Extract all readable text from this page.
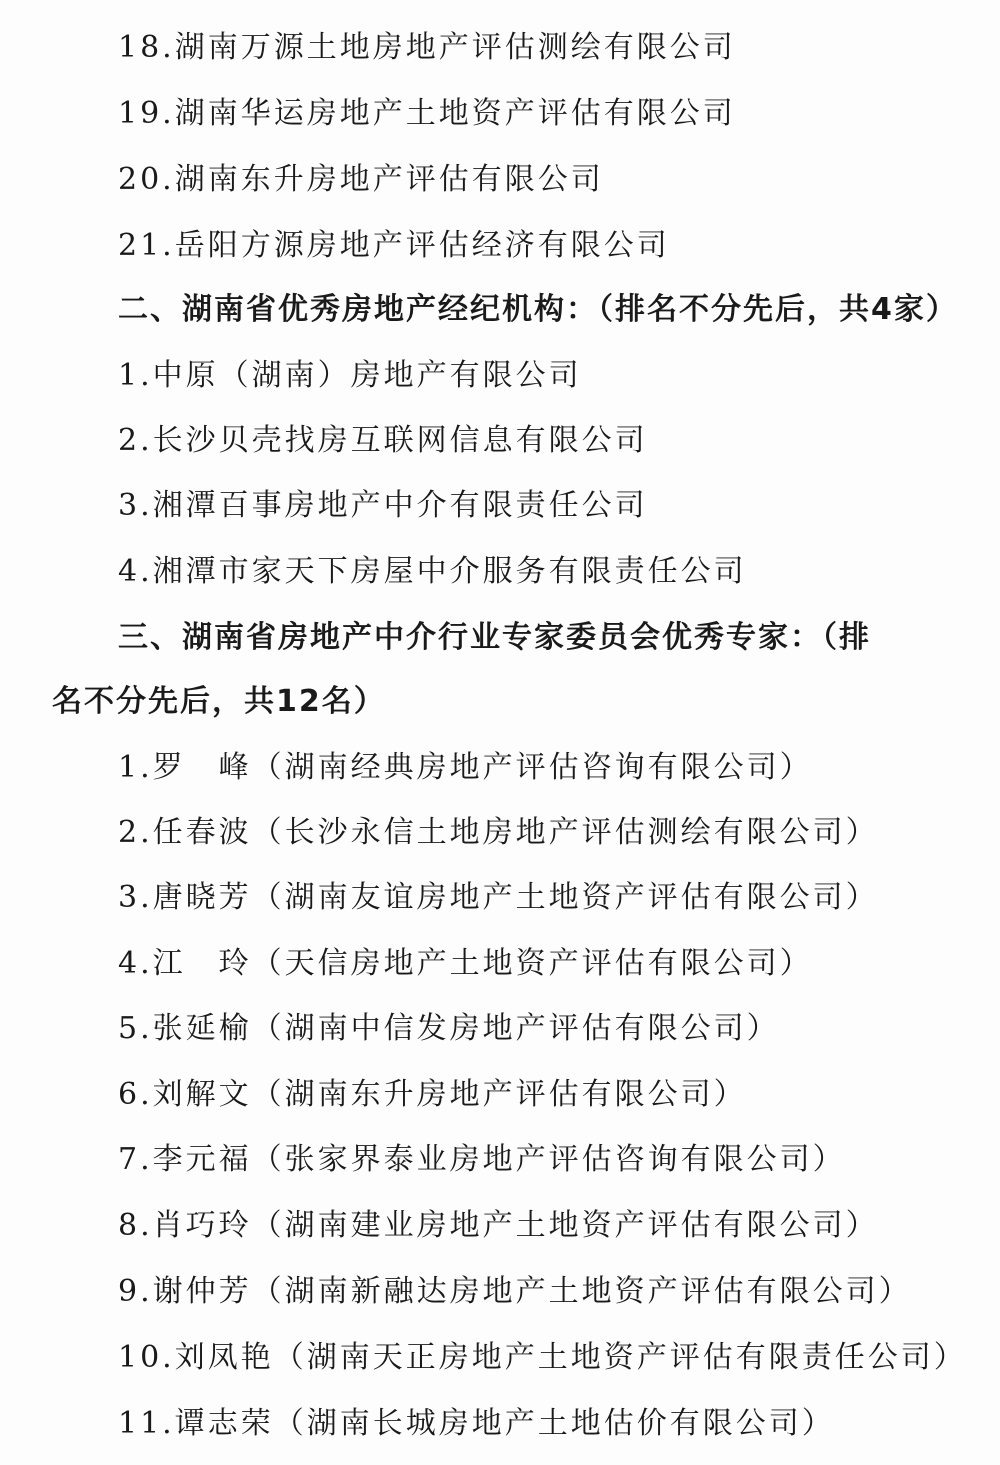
18.湖南万源土地房地产评估测绘有限公司
19.湖南华运房地产土地资产评估有限公司
20.湖南东升房地产评估有限公司
21.岳阳方源房地产评估经济有限公司
二、湖南省优秀房地产经纪机构：（排名不分先后，共4家）
1.中原（湖南）房地产有限公司
2.长沙贝壳找房互联网信息有限公司
3.湘潭百事房地产中介有限责任公司
4.湘潭市家天下房屋中介服务有限责任公司
三、湖南省房地产中介行业专家委员会优秀专家：（排
名不分先后，共12名）
1.罗　峰（湖南经典房地产评估咨询有限公司）
2.任春波（长沙永信土地房地产评估测绘有限公司）
3.唐晓芳（湖南友谊房地产土地资产评估有限公司）
4.江　玲（天信房地产土地资产评估有限公司）
5.张延榆（湖南中信发房地产评估有限公司）
6.刘解文（湖南东升房地产评估有限公司）
7.李元福（张家界泰业房地产评估咨询有限公司）
8.肖巧玲（湖南建业房地产土地资产评估有限公司）
9.谢仲芳（湖南新融达房地产土地资产评估有限公司）
10.刘凤艳（湖南天正房地产土地资产评估有限责任公司）
11.谭志荣（湖南长城房地产土地估价有限公司）
